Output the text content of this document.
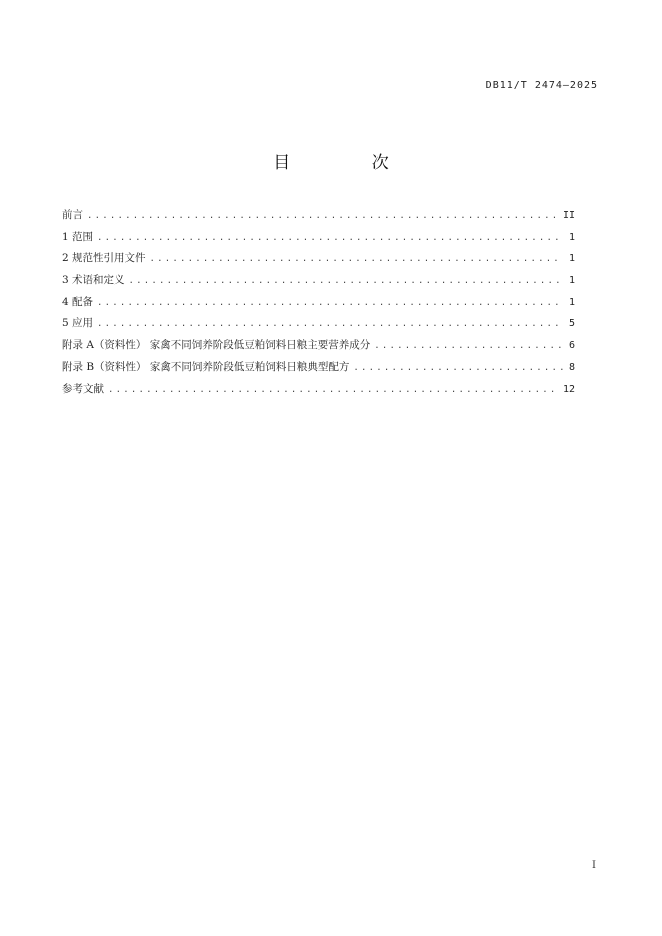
DB11/T 2474—2025
目 次
前言 .....	II
1 范围 .....	1
2 规范性引用文件 .....	1
3 术语和定义 .....	1
4 配备 .....	1
5 应用 .....	5
附录 A（资料性） 家禽不同饲养阶段低豆粕饲料日粮主要营养成分 .....	6
附录 B（资料性） 家禽不同饲养阶段低豆粕饲料日粮典型配方 .....	8
参考文献 .....	12
I
